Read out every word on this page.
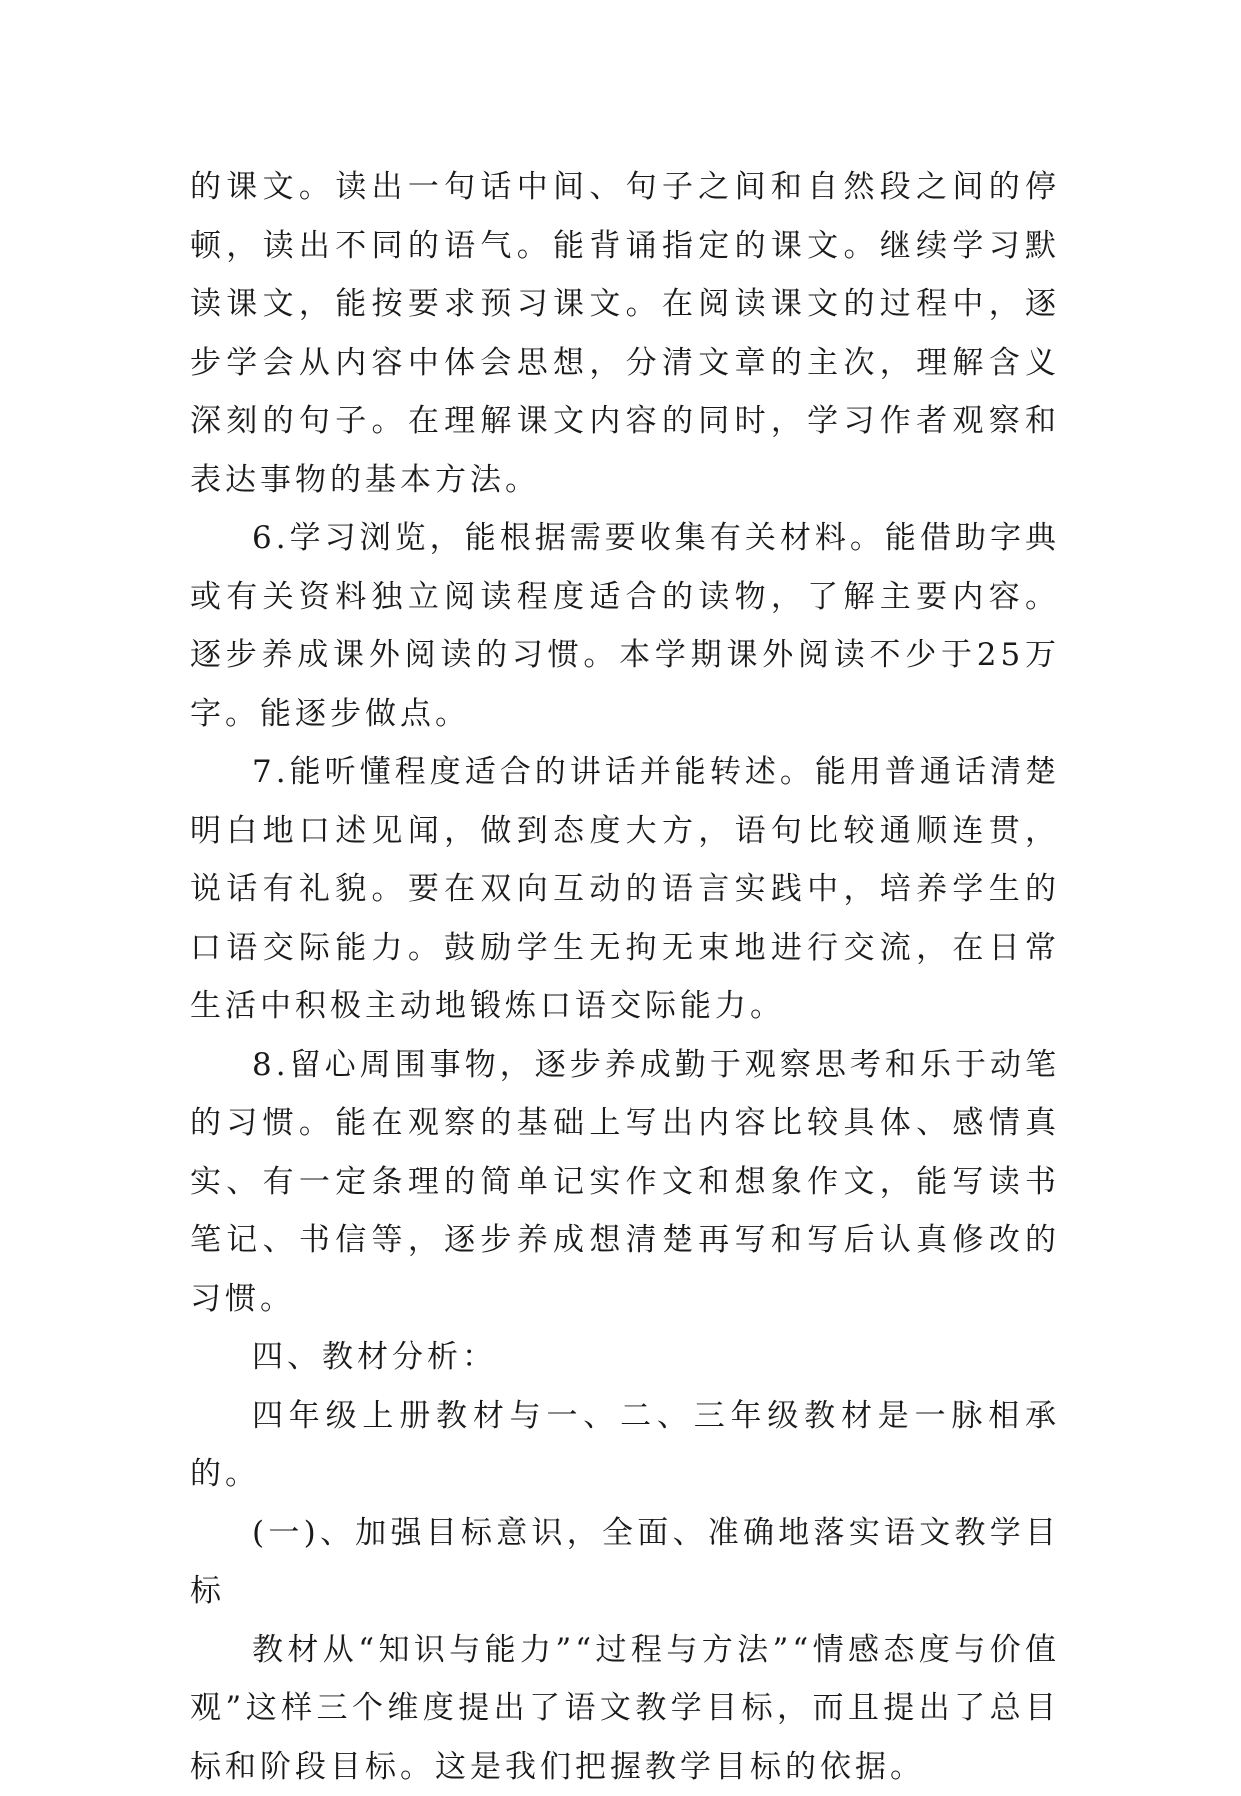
的课文。读出一句话中间、句子之间和自然段之间的停顿，读出不同的语气。能背诵指定的课文。继续学习默读课文，能按要求预习课文。在阅读课文的过程中，逐步学会从内容中体会思想，分清文章的主次，理解含义深刻的句子。在理解课文内容的同时，学习作者观察和表达事物的基本方法。

6.学习浏览，能根据需要收集有关材料。能借助字典或有关资料独立阅读程度适合的读物，了解主要内容。逐步养成课外阅读的习惯。本学期课外阅读不少于25万字。能逐步做点。

7.能听懂程度适合的讲话并能转述。能用普通话清楚明白地口述见闻，做到态度大方，语句比较通顺连贯，说话有礼貌。要在双向互动的语言实践中，培养学生的口语交际能力。鼓励学生无拘无束地进行交流，在日常生活中积极主动地锻炼口语交际能力。

8.留心周围事物，逐步养成勤于观察思考和乐于动笔的习惯。能在观察的基础上写出内容比较具体、感情真实、有一定条理的简单记实作文和想象作文，能写读书笔记、书信等，逐步养成想清楚再写和写后认真修改的习惯。

四、教材分析：

四年级上册教材与一、二、三年级教材是一脉相承的。

(一)、加强目标意识，全面、准确地落实语文教学目标

教材从“知识与能力”“过程与方法”“情感态度与价值观”这样三个维度提出了语文教学目标，而且提出了总目标和阶段目标。这是我们把握教学目标的依据。
